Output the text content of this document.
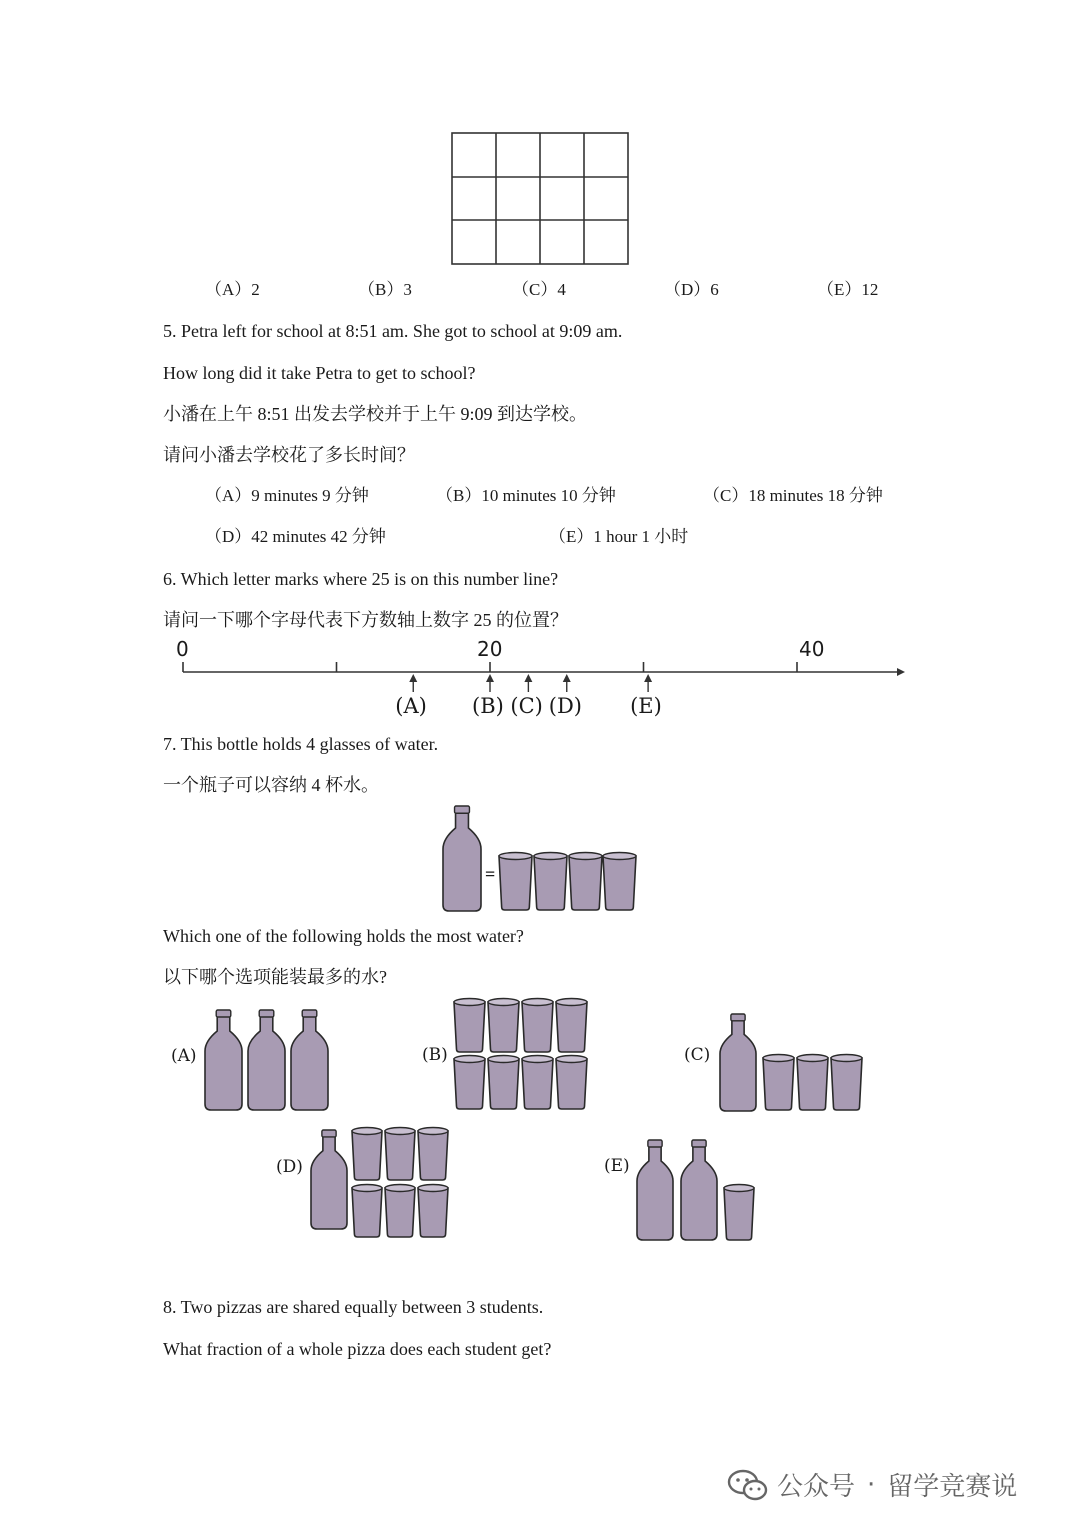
（A）2	（B）3	（C）4	（D）6	（E）12
5. Petra left for school at 8:51 am. She got to school at 9:09 am.
How long did it take Petra to get to school?
小潘在上午 8:51 出发去学校并于上午 9:09 到达学校。
请问小潘去学校花了多长时间？
（A）9 minutes 9 分钟	（B）10 minutes 10 分钟	（C）18 minutes 18 分钟
（D）42 minutes 42 分钟	（E）1 hour 1 小时
6. Which letter marks where 25 is on this number line?
请问一下哪个字母代表下方数轴上数字 25 的位置？
0	20	40
(A) (B) (C) (D) (E)
7. This bottle holds 4 glasses of water.
一个瓶子可以容纳 4 杯水。
=
Which one of the following holds the most water?
以下哪个选项能装最多的水?
(A)	(B)	(C)
(D)	(E)
8. Two pizzas are shared equally between 3 students.
What fraction of a whole pizza does each student get?
公众号 · 留学竞赛说
